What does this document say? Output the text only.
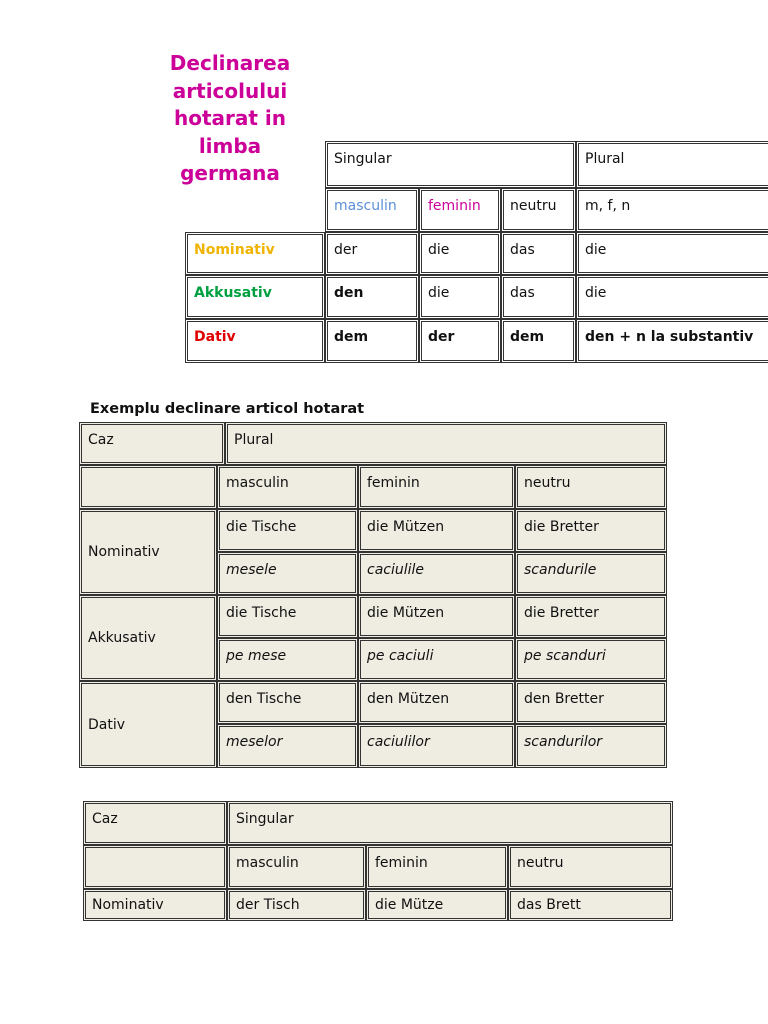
Declinarea articolului hotarat in limba germana
Singular	Plural
masculin	feminin	neutru	m, f, n
Nominativ	der	die	das	die
Akkusativ	den	die	das	die
Dativ	dem	der	dem	den + n la substantiv
Exemplu declinare articol hotarat
Caz	Plural
masculin	feminin	neutru
Nominativ
die Tische	die Mützen	die Bretter
mesele	caciulile	scandurile
Akkusativ
die Tische	die Mützen	die Bretter
pe mese	pe caciuli	pe scanduri
Dativ
den Tische	den Mützen	den Bretter
meselor	caciulilor	scandurilor
Caz	Singular
masculin	feminin	neutru
Nominativ	der Tisch	die Mütze	das Brett
